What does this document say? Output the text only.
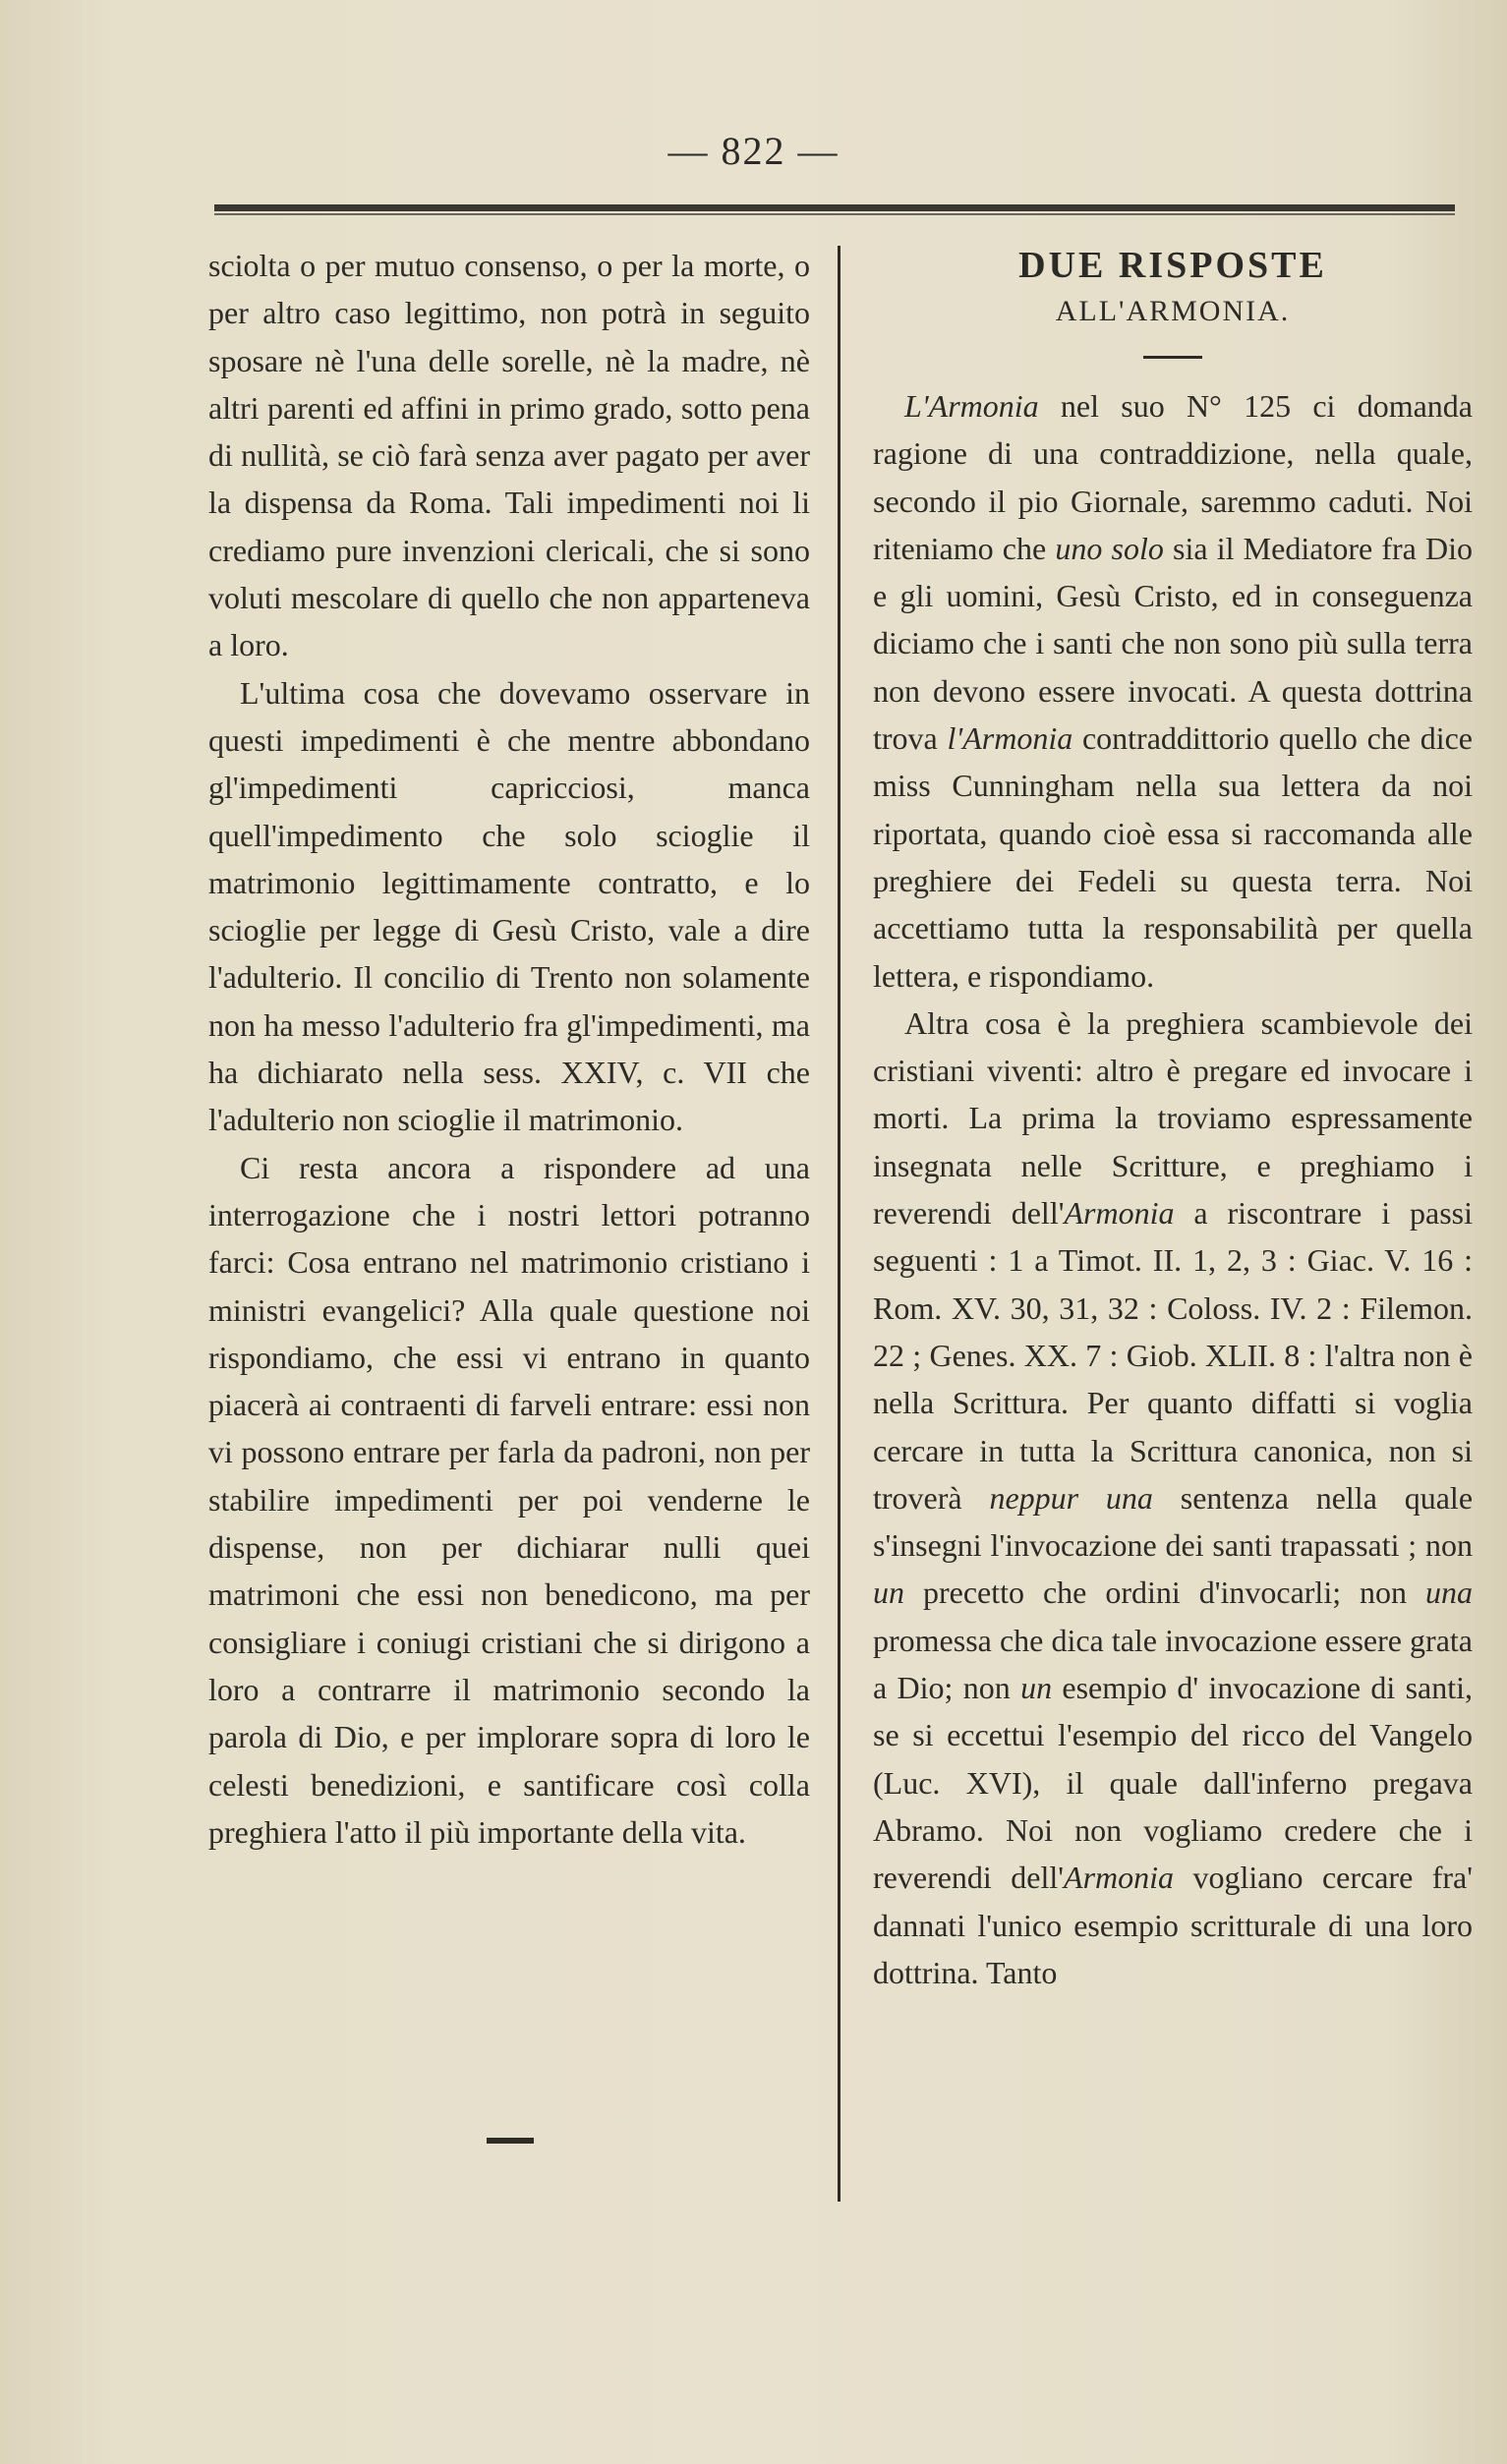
— 822 —

sciolta o per mutuo consenso, o per la morte, o per altro caso legittimo, non potrà in seguito sposare nè l'una delle sorelle, nè la madre, nè altri parenti ed affini in primo grado, sotto pena di nullità, se ciò farà senza aver pagato per aver la dispensa da Roma. Tali impedimenti noi li crediamo pure invenzioni clericali, che si sono voluti mescolare di quello che non apparteneva a loro.

L'ultima cosa che dovevamo osservare in questi impedimenti è che mentre abbondano gl'impedimenti capricciosi, manca quell'impedimento che solo scioglie il matrimonio legittimamente contratto, e lo scioglie per legge di Gesù Cristo, vale a dire l'adulterio. Il concilio di Trento non solamente non ha messo l'adulterio fra gl'impedimenti, ma ha dichiarato nella sess. XXIV, c. VII che l'adulterio non scioglie il matrimonio.

Ci resta ancora a rispondere ad una interrogazione che i nostri lettori potranno farci: Cosa entrano nel matrimonio cristiano i ministri evangelici? Alla quale questione noi rispondiamo, che essi vi entrano in quanto piacerà ai contraenti di farveli entrare: essi non vi possono entrare per farla da padroni, non per stabilire impedimenti per poi venderne le dispense, non per dichiarar nulli quei matrimoni che essi non benedicono, ma per consigliare i coniugi cristiani che si dirigono a loro a contrarre il matrimonio secondo la parola di Dio, e per implorare sopra di loro le celesti benedizioni, e santificare così colla preghiera l'atto il più importante della vita.

DUE RISPOSTE
ALL'ARMONIA.

L'Armonia nel suo N° 125 ci domanda ragione di una contraddizione, nella quale, secondo il pio Giornale, saremmo caduti. Noi riteniamo che uno solo sia il Mediatore fra Dio e gli uomini, Gesù Cristo, ed in conseguenza diciamo che i santi che non sono più sulla terra non devono essere invocati. A questa dottrina trova l'Armonia contraddittorio quello che dice miss Cunningham nella sua lettera da noi riportata, quando cioè essa si raccomanda alle preghiere dei Fedeli su questa terra. Noi accettiamo tutta la responsabilità per quella lettera, e rispondiamo.

Altra cosa è la preghiera scambievole dei cristiani viventi: altro è pregare ed invocare i morti. La prima la troviamo espressamente insegnata nelle Scritture, e preghiamo i reverendi dell'Armonia a riscontrare i passi seguenti : 1 a Timot. II. 1, 2, 3 : Giac. V. 16 : Rom. XV. 30, 31, 32 : Coloss. IV. 2 : Filemon. 22 ; Genes. XX. 7 : Giob. XLII. 8 : l'altra non è nella Scrittura. Per quanto diffatti si voglia cercare in tutta la Scrittura canonica, non si troverà neppur una sentenza nella quale s'insegni l'invocazione dei santi trapassati ; non un precetto che ordini d'invocarli; non una promessa che dica tale invocazione essere grata a Dio; non un esempio d' invocazione di santi, se si eccettui l'esempio del ricco del Vangelo (Luc. XVI), il quale dall'inferno pregava Abramo. Noi non vogliamo credere che i reverendi dell'Armonia vogliano cercare fra' dannati l'unico esempio scritturale di una loro dottrina. Tanto
